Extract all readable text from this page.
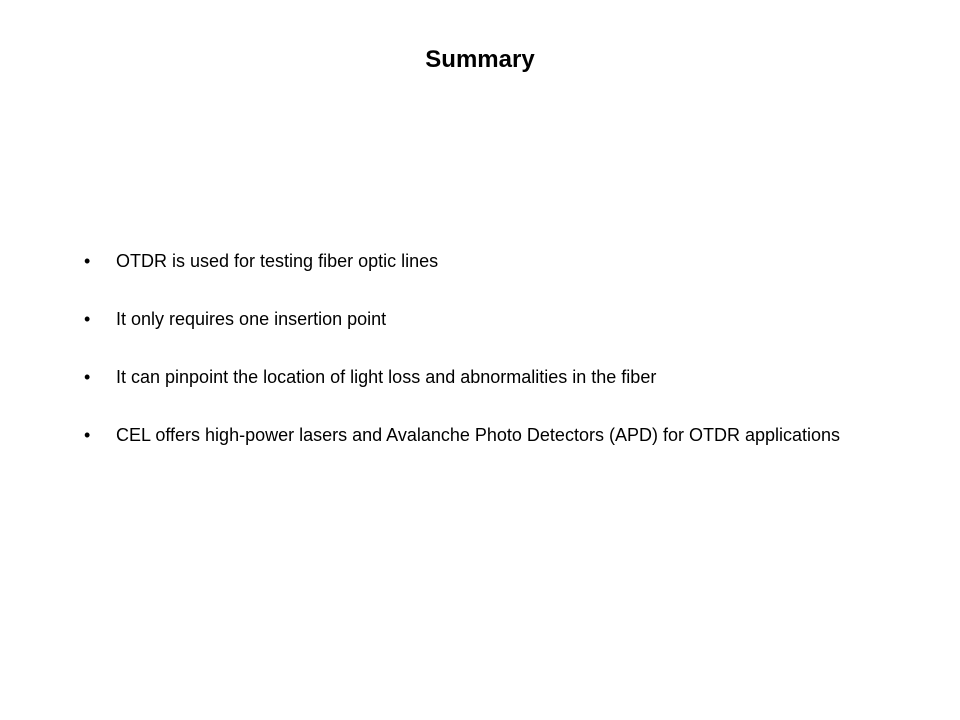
Summary
•	OTDR is used for testing fiber optic lines
•	It only requires one insertion point
•	It can pinpoint the location of light loss and abnormalities in the fiber
•	CEL offers high-power lasers and Avalanche Photo Detectors (APD) for OTDR applications
